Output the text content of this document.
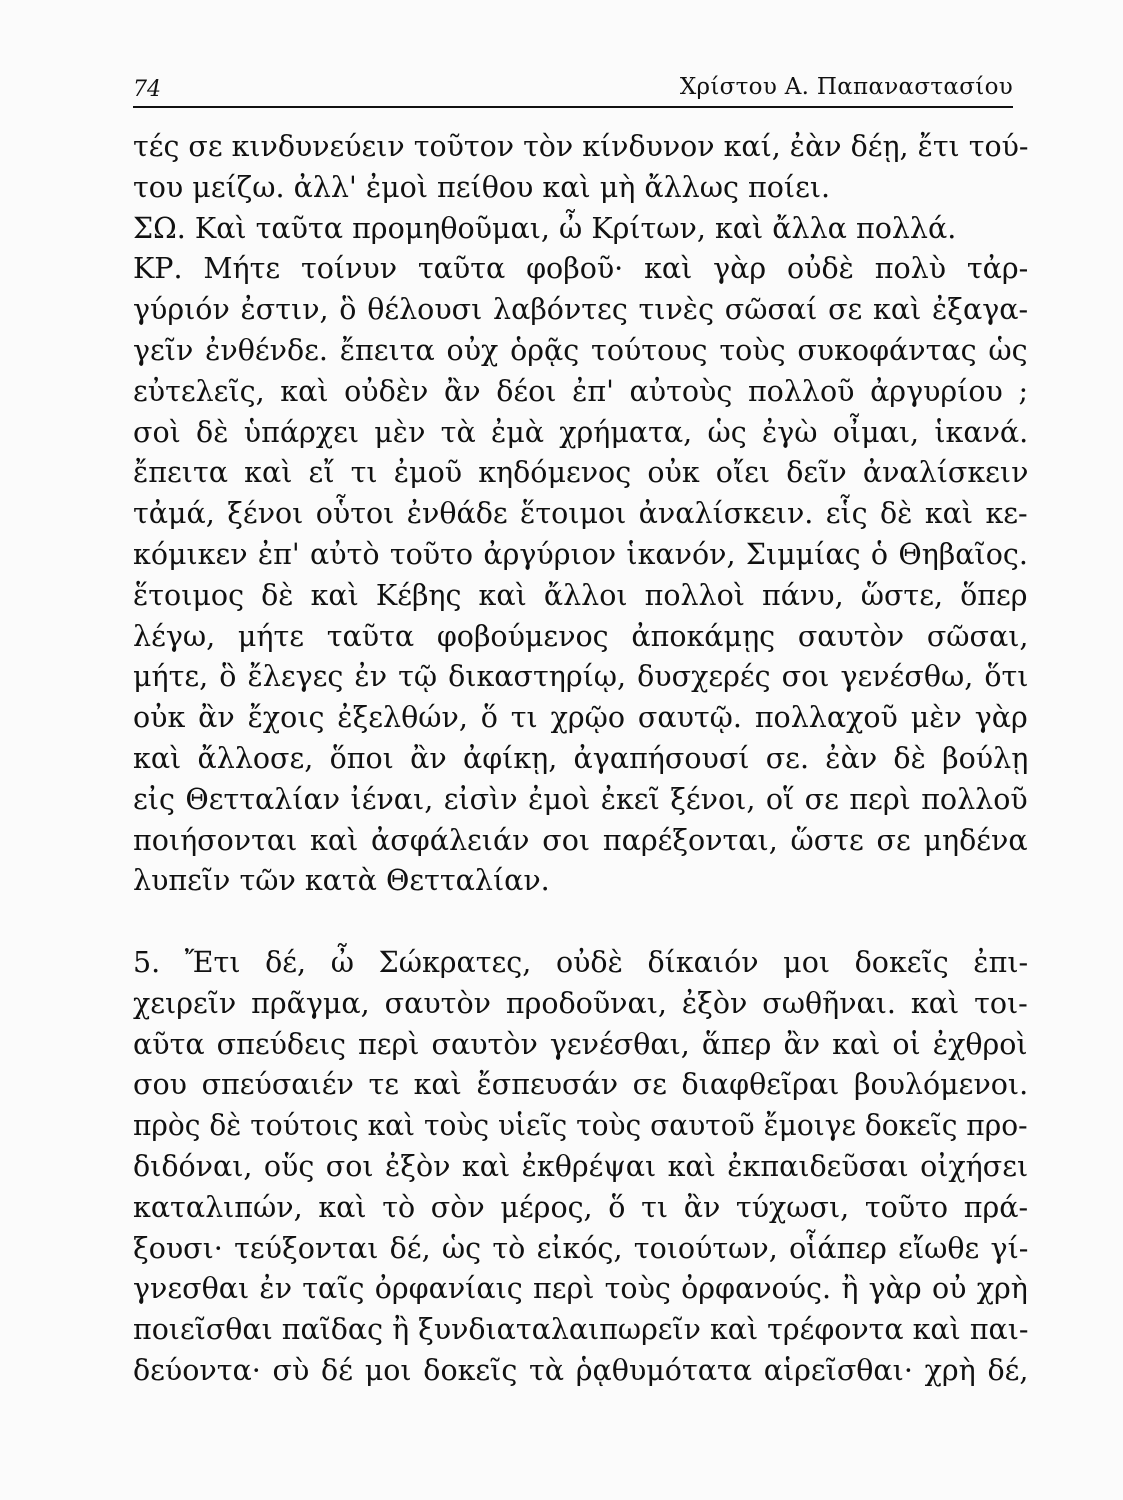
74	Χρίστου Α. Παπαναστασίου
τές σε κινδυνεύειν τοῦτον τὸν κίνδυνον καί, ἐὰν δέῃ, ἔτι τού-
του μείζω. ἀλλ' ἐμοὶ πείθου καὶ μὴ ἄλλως ποίει.
ΣΩ. Καὶ ταῦτα προμηθοῦμαι, ὦ Κρίτων, καὶ ἄλλα πολλά.
ΚΡ. Μήτε τοίνυν ταῦτα φοβοῦ· καὶ γὰρ οὐδὲ πολὺ τἀρ-
γύριόν ἐστιν, ὃ θέλουσι λαβόντες τινὲς σῶσαί σε καὶ ἐξαγα-
γεῖν ἐνθένδε. ἔπειτα οὐχ ὁρᾷς τούτους τοὺς συκοφάντας ὡς
εὐτελεῖς, καὶ οὐδὲν ἂν δέοι ἐπ' αὐτοὺς πολλοῦ ἀργυρίου ;
σοὶ δὲ ὑπάρχει μὲν τὰ ἐμὰ χρήματα, ὡς ἐγὼ οἶμαι, ἱκανά.
ἔπειτα καὶ εἴ τι ἐμοῦ κηδόμενος οὐκ οἴει δεῖν ἀναλίσκειν
τἀμά, ξένοι οὗτοι ἐνθάδε ἕτοιμοι ἀναλίσκειν. εἷς δὲ καὶ κε-
κόμικεν ἐπ' αὐτὸ τοῦτο ἀργύριον ἱκανόν, Σιμμίας ὁ Θηβαῖος.
ἕτοιμος δὲ καὶ Κέβης καὶ ἄλλοι πολλοὶ πάνυ, ὥστε, ὅπερ
λέγω, μήτε ταῦτα φοβούμενος ἀποκάμῃς σαυτὸν σῶσαι,
μήτε, ὃ ἔλεγες ἐν τῷ δικαστηρίῳ, δυσχερές σοι γενέσθω, ὅτι
οὐκ ἂν ἔχοις ἐξελθών, ὅ τι χρῷο σαυτῷ. πολλαχοῦ μὲν γὰρ
καὶ ἄλλοσε, ὅποι ἂν ἀφίκῃ, ἀγαπήσουσί σε. ἐὰν δὲ βούλῃ
εἰς Θετταλίαν ἰέναι, εἰσὶν ἐμοὶ ἐκεῖ ξένοι, οἵ σε περὶ πολλοῦ
ποιήσονται καὶ ἀσφάλειάν σοι παρέξονται, ὥστε σε μηδένα
λυπεῖν τῶν κατὰ Θετταλίαν.
5. Ἔτι δέ, ὦ Σώκρατες, οὐδὲ δίκαιόν μοι δοκεῖς ἐπι-
χειρεῖν πρᾶγμα, σαυτὸν προδοῦναι, ἐξὸν σωθῆναι. καὶ τοι-
αῦτα σπεύδεις περὶ σαυτὸν γενέσθαι, ἅπερ ἂν καὶ οἱ ἐχθροὶ
σου σπεύσαιέν τε καὶ ἔσπευσάν σε διαφθεῖραι βουλόμενοι.
πρὸς δὲ τούτοις καὶ τοὺς υἱεῖς τοὺς σαυτοῦ ἔμοιγε δοκεῖς προ-
διδόναι, οὕς σοι ἐξὸν καὶ ἐκθρέψαι καὶ ἐκπαιδεῦσαι οἰχήσει
καταλιπών, καὶ τὸ σὸν μέρος, ὅ τι ἂν τύχωσι, τοῦτο πρά-
ξουσι· τεύξονται δέ, ὡς τὸ εἰκός, τοιούτων, οἷάπερ εἴωθε γί-
γνεσθαι ἐν ταῖς ὀρφανίαις περὶ τοὺς ὀρφανούς. ἢ γὰρ οὐ χρὴ
ποιεῖσθαι παῖδας ἢ ξυνδιαταλαιπωρεῖν καὶ τρέφοντα καὶ παι-
δεύοντα· σὺ δέ μοι δοκεῖς τὰ ῥᾳθυμότατα αἱρεῖσθαι· χρὴ δέ,
